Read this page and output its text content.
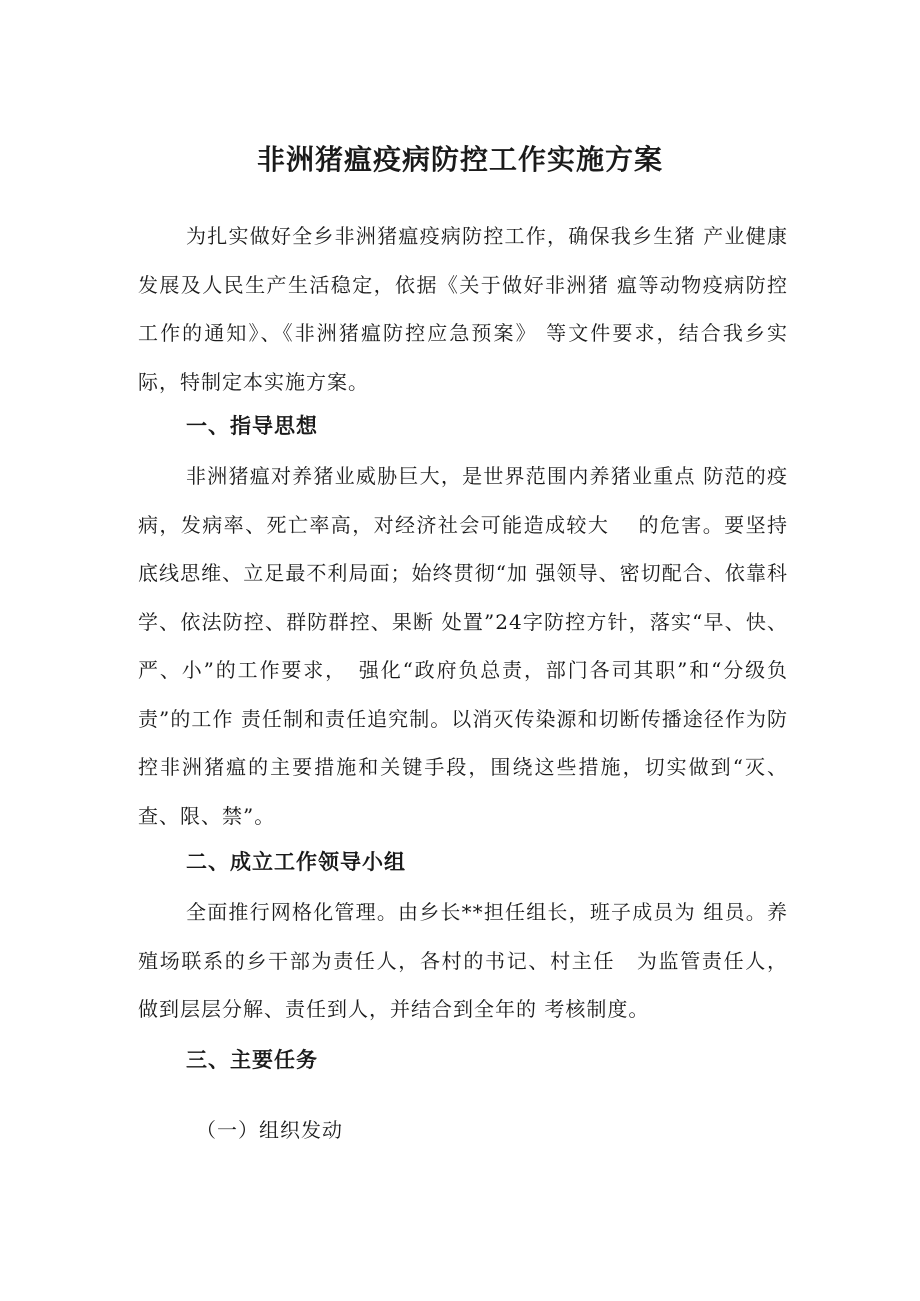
非洲猪瘟疫病防控工作实施方案
为扎实做好全乡非洲猪瘟疫病防控工作，确保我乡生猪 产业健康发展及人民生产生活稳定，依据《关于做好非洲猪 瘟等动物疫病防控工作的通知》、《非洲猪瘟防控应急预案》 等文件要求，结合我乡实际，特制定本实施方案。
一、指导思想
非洲猪瘟对养猪业威胁巨大，是世界范围内养猪业重点 防范的疫病，发病率、死亡率高，对经济社会可能造成较大　 的危害。要坚持底线思维、立足最不利局面；始终贯彻“加 强领导、密切配合、依靠科学、依法防控、群防群控、果断 处置”24字防控方针，落实“早、快、严、小”的工作要求，　强化“政府负总责，部门各司其职”和“分级负责”的工作 责任制和责任追究制。以消灭传染源和切断传播途径作为防　控非洲猪瘟的主要措施和关键手段，围绕这些措施，切实做到“灭、查、限、禁”。
二、成立工作领导小组
全面推行网格化管理。由乡长**担任组长，班子成员为 组员。养殖场联系的乡干部为责任人，各村的书记、村主任　为监管责任人，做到层层分解、责任到人，并结合到全年的 考核制度。
三、主要任务
（一）组织发动
